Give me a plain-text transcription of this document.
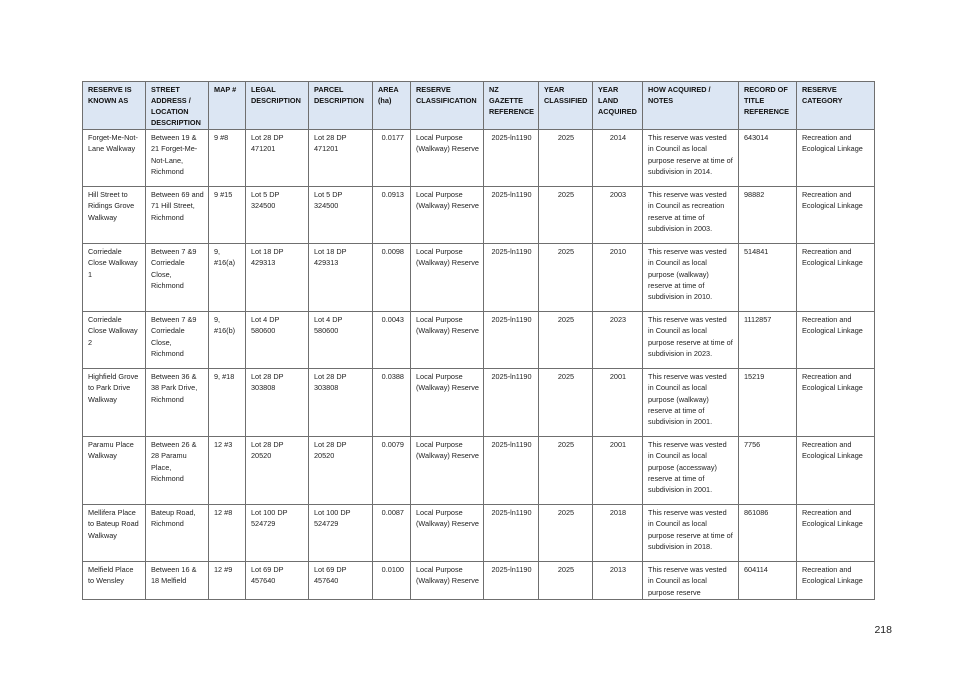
RESERVE IS KNOWN AS	STREET ADDRESS / LOCATION DESCRIPTION	MAP #	LEGAL DESCRIPTION	PARCEL DESCRIPTION	AREA (ha)	RESERVE CLASSIFICATION	NZ GAZETTE REFERENCE	YEAR CLASSIFIED	YEAR LAND ACQUIRED	HOW ACQUIRED / NOTES	RECORD OF TITLE REFERENCE	RESERVE CATEGORY
Forget-Me-Not-Lane Walkway	Between 19 & 21 Forget-Me-Not-Lane, Richmond	9 #8	Lot 28 DP 471201	Lot 28 DP 471201	0.0177	Local Purpose (Walkway) Reserve	2025-ln1190	2025	2014	This reserve was vested in Council as local purpose reserve at time of subdivision in 2014.	643014	Recreation and Ecological Linkage
Hill Street to Ridings Grove Walkway	Between 69 and 71 Hill Street, Richmond	9 #15	Lot 5 DP 324500	Lot 5 DP 324500	0.0913	Local Purpose (Walkway) Reserve	2025-ln1190	2025	2003	This reserve was vested in Council as recreation reserve at time of subdivision in 2003.	98882	Recreation and Ecological Linkage
Corriedale Close Walkway 1	Between 7 &9 Corriedale Close, Richmond	9, #16(a)	Lot 18 DP 429313	Lot 18 DP 429313	0.0098	Local Purpose (Walkway) Reserve	2025-ln1190	2025	2010	This reserve was vested in Council as local purpose (walkway) reserve at time of subdivision in 2010.	514841	Recreation and Ecological Linkage
Corriedale Close Walkway 2	Between 7 &9 Corriedale Close, Richmond	9, #16(b)	Lot 4 DP 580600	Lot 4 DP 580600	0.0043	Local Purpose (Walkway) Reserve	2025-ln1190	2025	2023	This reserve was vested in Council as local purpose reserve at time of subdivision in 2023.	1112857	Recreation and Ecological Linkage
Highfield Grove to Park Drive Walkway	Between 36 & 38 Park Drive, Richmond	9, #18	Lot 28 DP 303808	Lot 28 DP 303808	0.0388	Local Purpose (Walkway) Reserve	2025-ln1190	2025	2001	This reserve was vested in Council as local purpose (walkway) reserve at time of subdivision in 2001.	15219	Recreation and Ecological Linkage
Paramu Place Walkway	Between 26 & 28 Paramu Place, Richmond	12 #3	Lot 28 DP 20520	Lot 28 DP 20520	0.0079	Local Purpose (Walkway) Reserve	2025-ln1190	2025	2001	This reserve was vested in Council as local purpose (accessway) reserve at time of subdivision in 2001.	7756	Recreation and Ecological Linkage
Mellifera Place to Bateup Road Walkway	Bateup Road, Richmond	12 #8	Lot 100 DP 524729	Lot 100 DP 524729	0.0087	Local Purpose (Walkway) Reserve	2025-ln1190	2025	2018	This reserve was vested in Council as local purpose reserve at time of subdivision in 2018.	861086	Recreation and Ecological Linkage
Melfield Place to Wensley	Between 16 & 18 Melfield	12 #9	Lot 69 DP 457640	Lot 69 DP 457640	0.0100	Local Purpose (Walkway) Reserve	2025-ln1190	2025	2013	This reserve was vested in Council as local purpose reserve	604114	Recreation and Ecological Linkage
218
